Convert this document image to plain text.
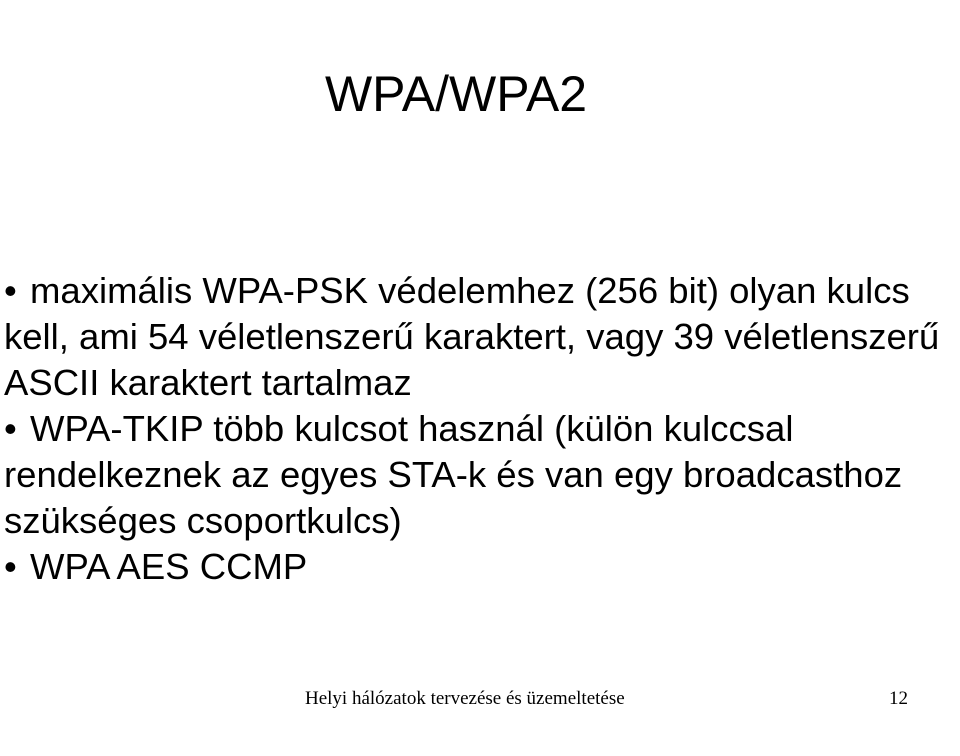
WPA/WPA2
• maximális WPA-PSK védelemhez (256 bit) olyan kulcs kell, ami 54 véletlenszerű karaktert, vagy 39 véletlenszerű ASCII karaktert tartalmaz
• WPA-TKIP több kulcsot használ (külön kulccsal rendelkeznek az egyes STA-k és van egy broadcasthoz szükséges csoportkulcs)
• WPA AES CCMP
Helyi hálózatok tervezése és üzemeltetése	12
